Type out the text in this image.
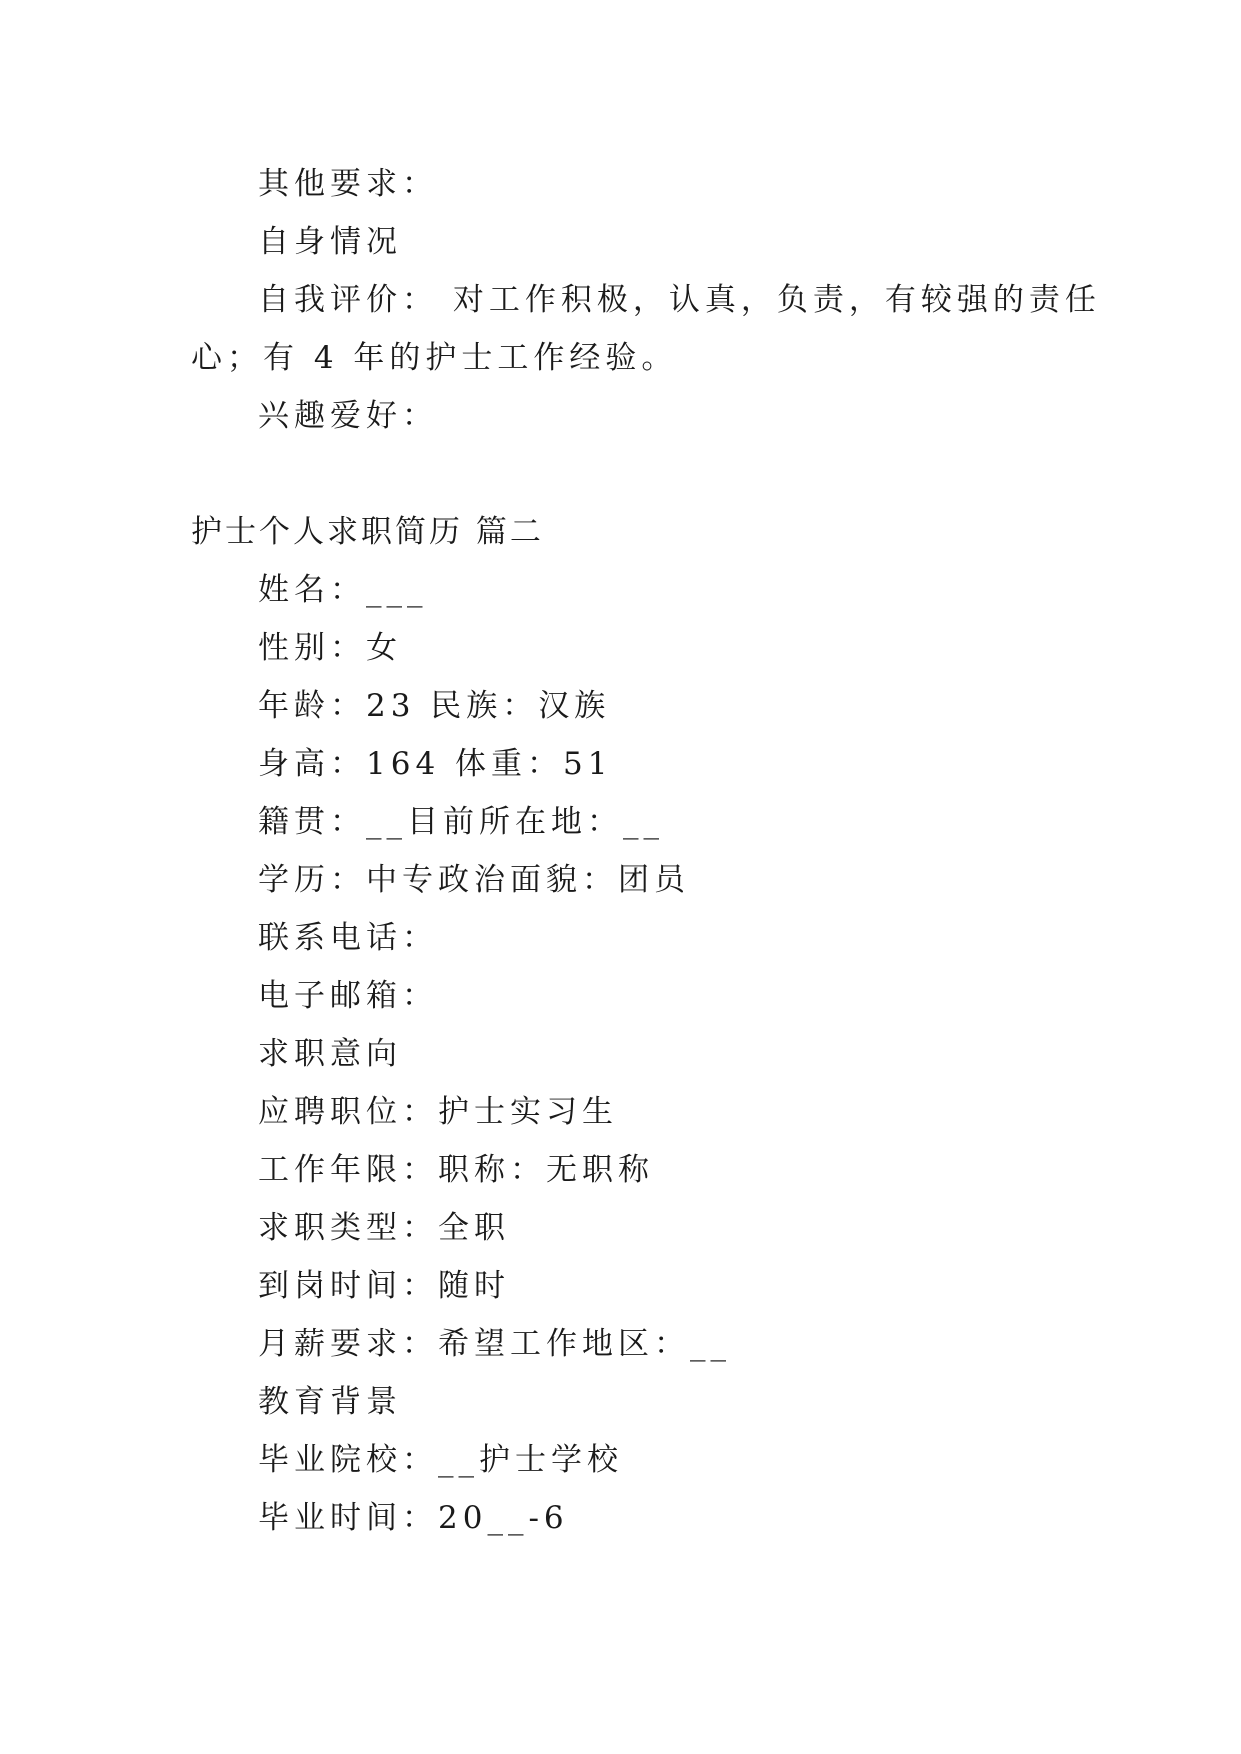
其他要求：
自身情况
自我评价： 对工作积极，认真，负责，有较强的责任
心；有 4 年的护士工作经验。
兴趣爱好：
护士个人求职简历 篇二
姓名：___
性别：女
年龄：23 民族：汉族
身高：164 体重：51
籍贯：__目前所在地：__
学历：中专政治面貌：团员
联系电话：
电子邮箱：
求职意向
应聘职位：护士实习生
工作年限：职称：无职称
求职类型：全职
到岗时间：随时
月薪要求：希望工作地区：__
教育背景
毕业院校：__护士学校
毕业时间：20__-6
